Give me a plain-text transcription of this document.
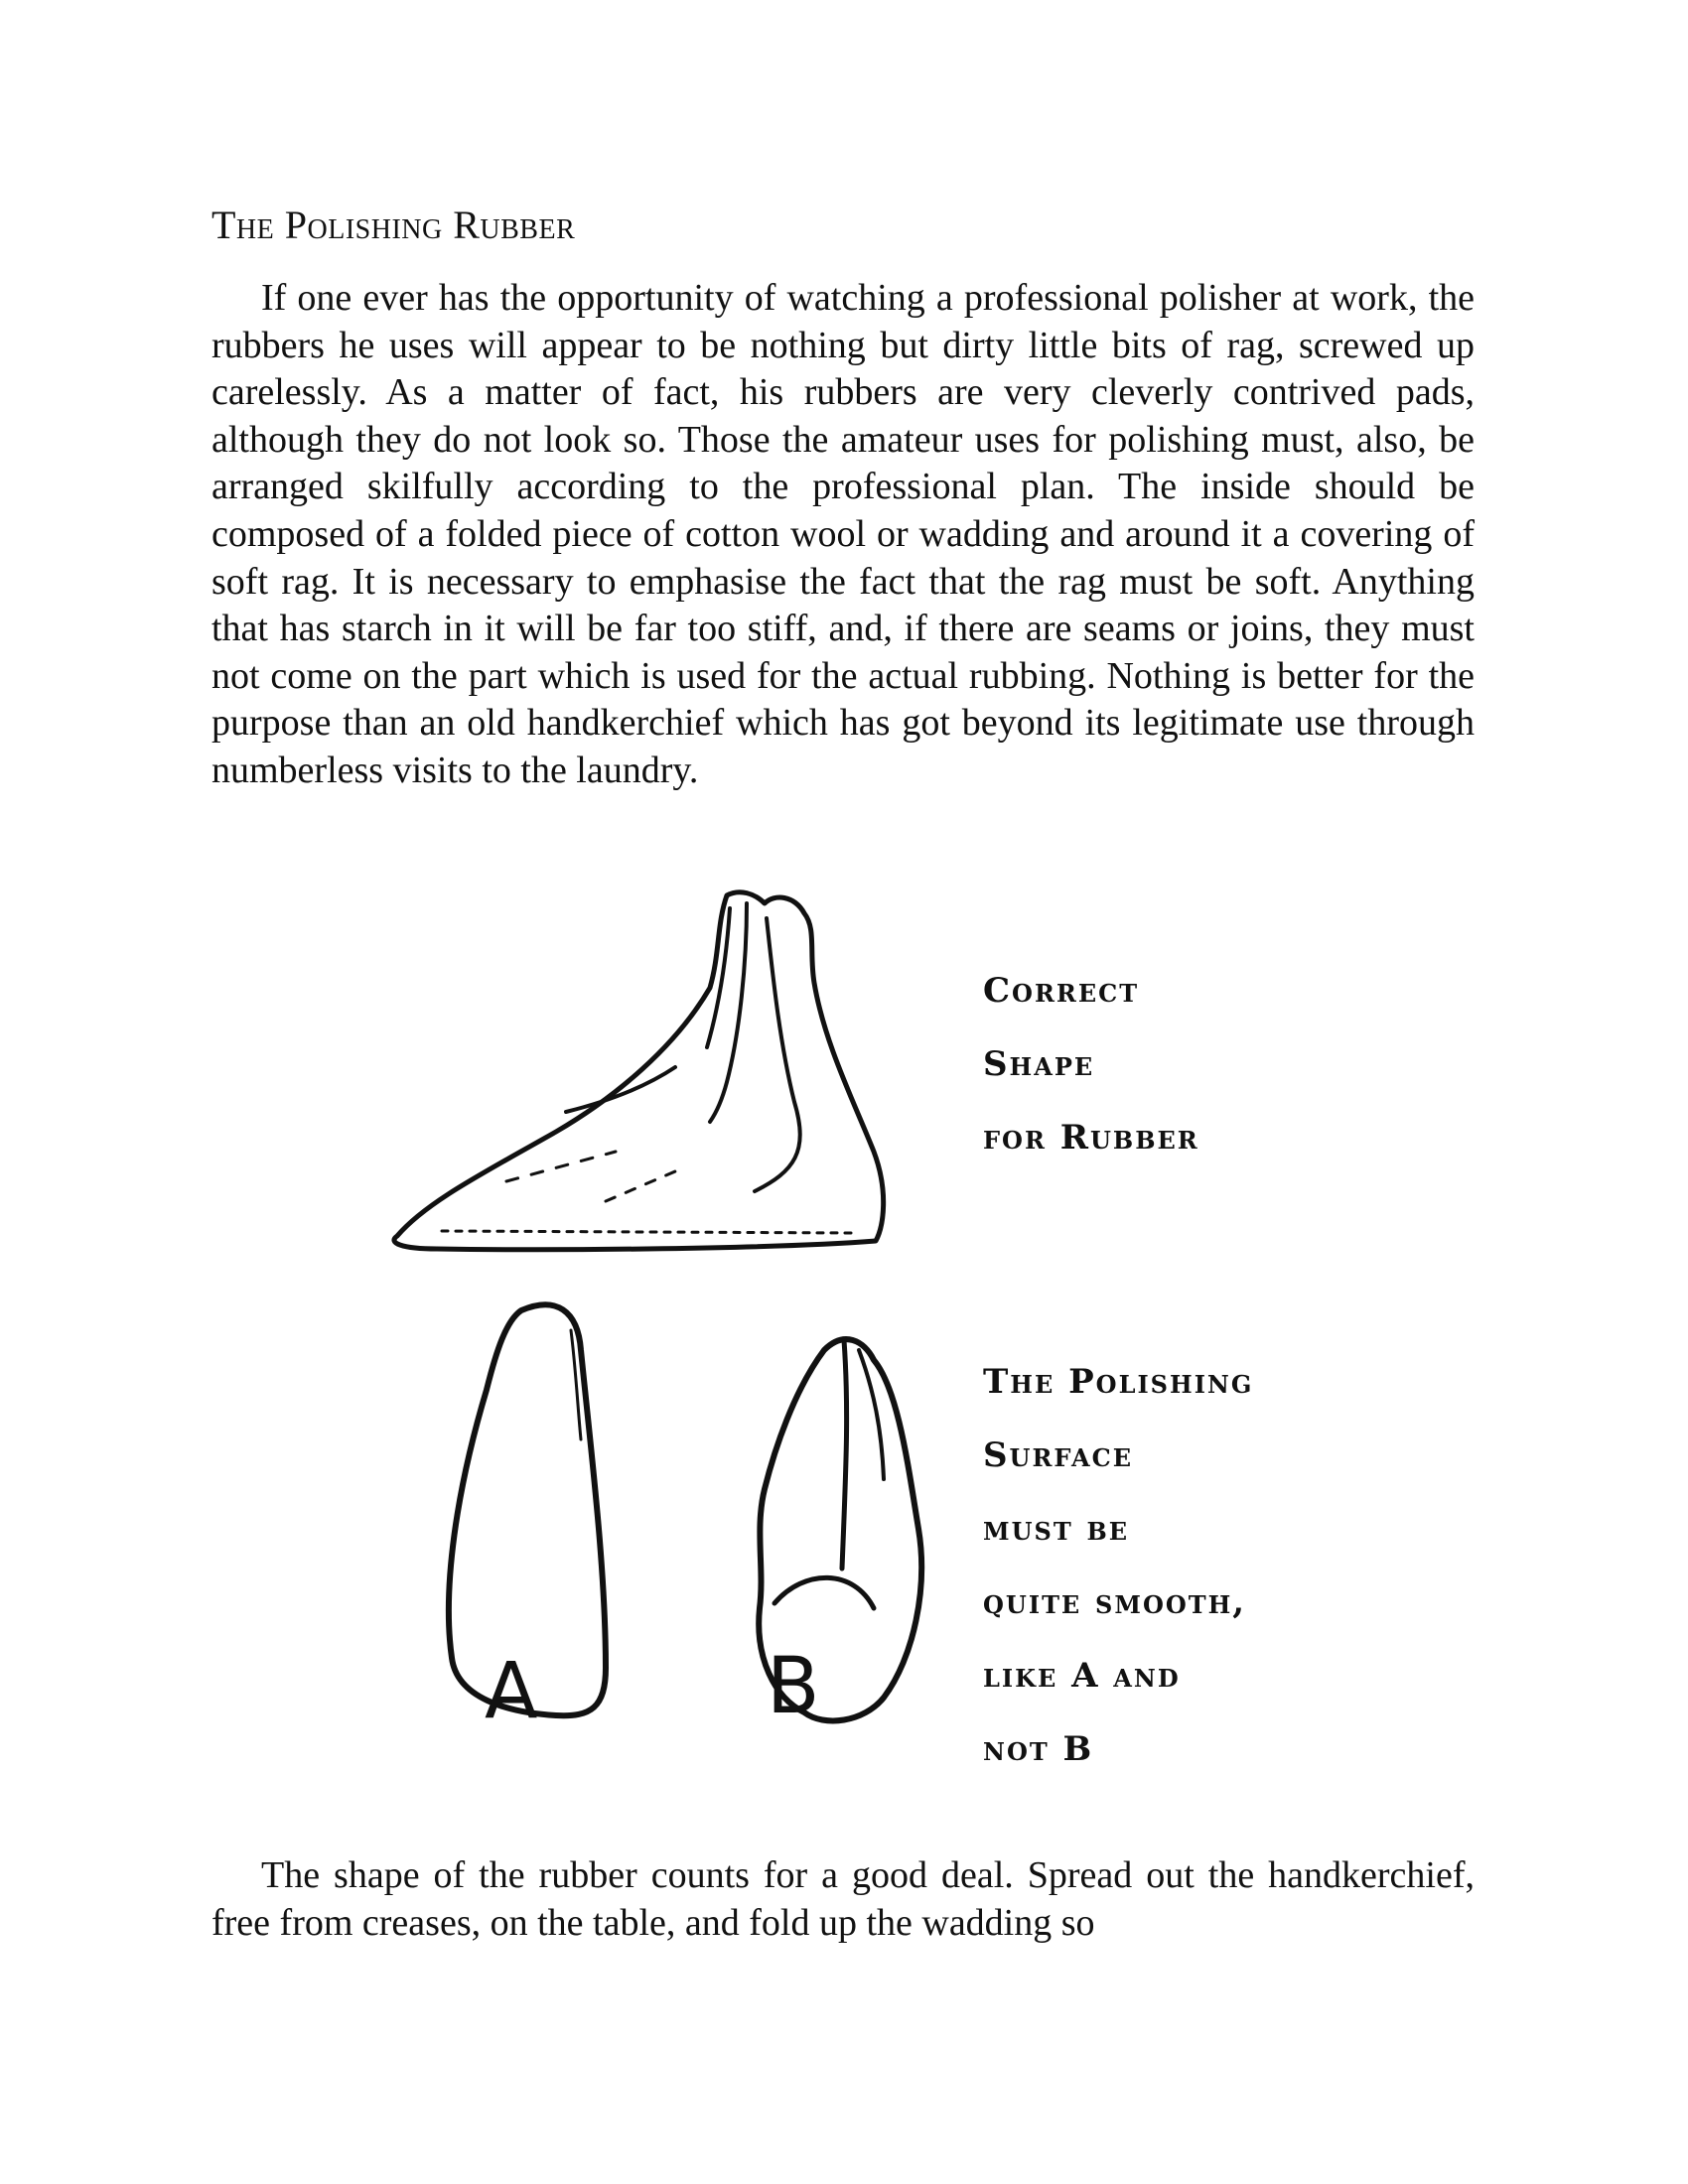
The Polishing Rubber

If one ever has the opportunity of watching a professional polisher at work, the rubbers he uses will appear to be nothing but dirty little bits of rag, screwed up carelessly. As a matter of fact, his rubbers are very cleverly contrived pads, although they do not look so. Those the amateur uses for polishing must, also, be arranged skilfully according to the professional plan. The inside should be composed of a folded piece of cotton wool or wadding and around it a covering of soft rag. It is necessary to emphasise the fact that the rag must be soft. Anything that has starch in it will be far too stiff, and, if there are seams or joins, they must not come on the part which is used for the actual rubbing. Nothing is better for the purpose than an old handkerchief which has got beyond its legitimate use through numberless visits to the laundry.

A	B
Correct
Shape
for Rubber
The Polishing
Surface
must be
quite smooth,
like A and
not B

The shape of the rubber counts for a good deal. Spread out the handkerchief, free from creases, on the table, and fold up the wadding so
